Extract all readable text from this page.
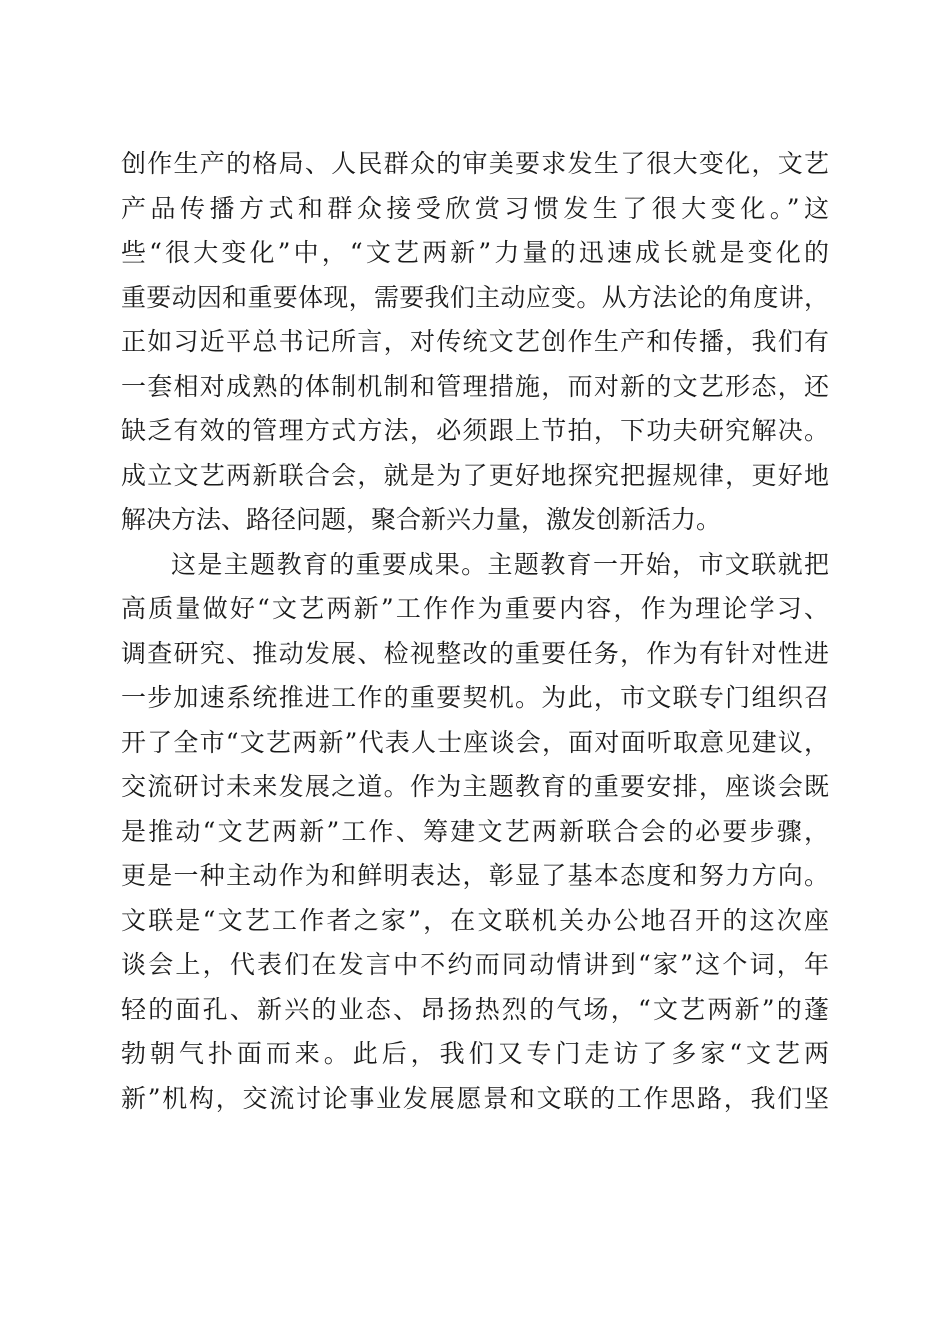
创作生产的格局、人民群众的审美要求发生了很大变化，文艺
产品传播方式和群众接受欣赏习惯发生了很大变化。”这
些“很大变化”中，“文艺两新”力量的迅速成长就是变化的
重要动因和重要体现，需要我们主动应变。从方法论的角度讲，
正如习近平总书记所言，对传统文艺创作生产和传播，我们有
一套相对成熟的体制机制和管理措施，而对新的文艺形态，还
缺乏有效的管理方式方法，必须跟上节拍，下功夫研究解决。
成立文艺两新联合会，就是为了更好地探究把握规律，更好地
解决方法、路径问题，聚合新兴力量，激发创新活力。
这是主题教育的重要成果。主题教育一开始，市文联就把
高质量做好“文艺两新”工作作为重要内容，作为理论学习、
调查研究、推动发展、检视整改的重要任务，作为有针对性进
一步加速系统推进工作的重要契机。为此，市文联专门组织召
开了全市“文艺两新”代表人士座谈会，面对面听取意见建议，
交流研讨未来发展之道。作为主题教育的重要安排，座谈会既
是推动“文艺两新”工作、筹建文艺两新联合会的必要步骤，
更是一种主动作为和鲜明表达，彰显了基本态度和努力方向。
文联是“文艺工作者之家”，在文联机关办公地召开的这次座
谈会上，代表们在发言中不约而同动情讲到“家”这个词，年
轻的面孔、新兴的业态、昂扬热烈的气场，“文艺两新”的蓬
勃朝气扑面而来。此后，我们又专门走访了多家“文艺两
新”机构，交流讨论事业发展愿景和文联的工作思路，我们坚
